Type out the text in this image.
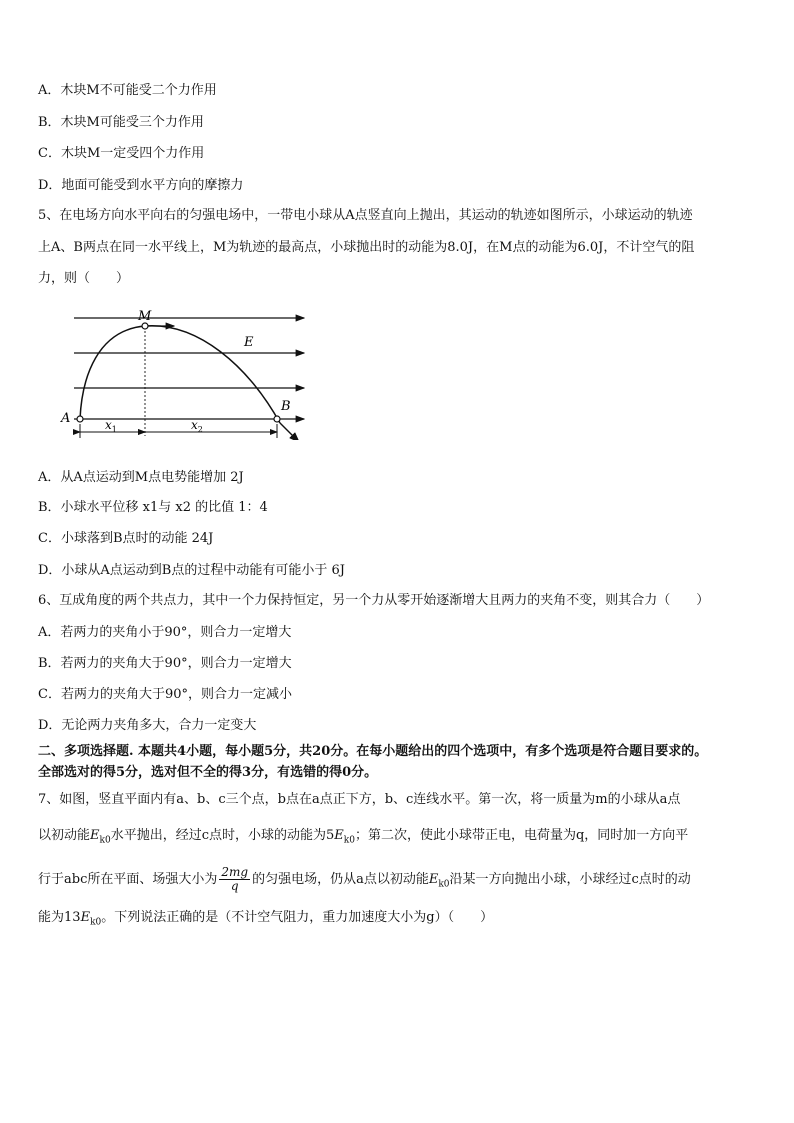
A．木块M不可能受二个力作用
B．木块M可能受三个力作用
C．木块M一定受四个力作用
D．地面可能受到水平方向的摩擦力
5、在电场方向水平向右的匀强电场中，一带电小球从A点竖直向上抛出，其运动的轨迹如图所示，小球运动的轨迹
上A、B两点在同一水平线上，M为轨迹的最高点，小球抛出时的动能为8.0J，在M点的动能为6.0J，不计空气的阻
力，则（　　）
M
E
A
B
$x_1$	$x_2$
A．从A点运动到M点电势能增加 2J
B．小球水平位移 x1与 x2 的比值 1：4
C．小球落到B点时的动能 24J
D．小球从A点运动到B点的过程中动能有可能小于 6J
6、互成角度的两个共点力，其中一个力保持恒定，另一个力从零开始逐渐增大且两力的夹角不变，则其合力（　　）
A．若两力的夹角小于90°，则合力一定增大
B．若两力的夹角大于90°，则合力一定增大
C．若两力的夹角大于90°，则合力一定减小
D．无论两力夹角多大，合力一定变大
二、多项选择题. 本题共4小题，每小题5分，共20分。在每小题给出的四个选项中，有多个选项是符合题目要求的。
全部选对的得5分，选对但不全的得3分，有选错的得0分。
7、如图，竖直平面内有a、b、c三个点，b点在a点正下方，b、c连线水平。第一次，将一质量为m的小球从a点
以初动能$E_{k0}$水平抛出，经过c点时，小球的动能为$5E_{k0}$；第二次，使此小球带正电，电荷量为q，同时加一方向平
行于abc所在平面、场强大小为 $\frac{2mg}{q}$ 的匀强电场，仍从a点以初动能$E_{k0}$沿某一方向抛出小球，小球经过c点时的动
能为$13E_{k0}$。下列说法正确的是（不计空气阻力，重力加速度大小为g）（　　）
